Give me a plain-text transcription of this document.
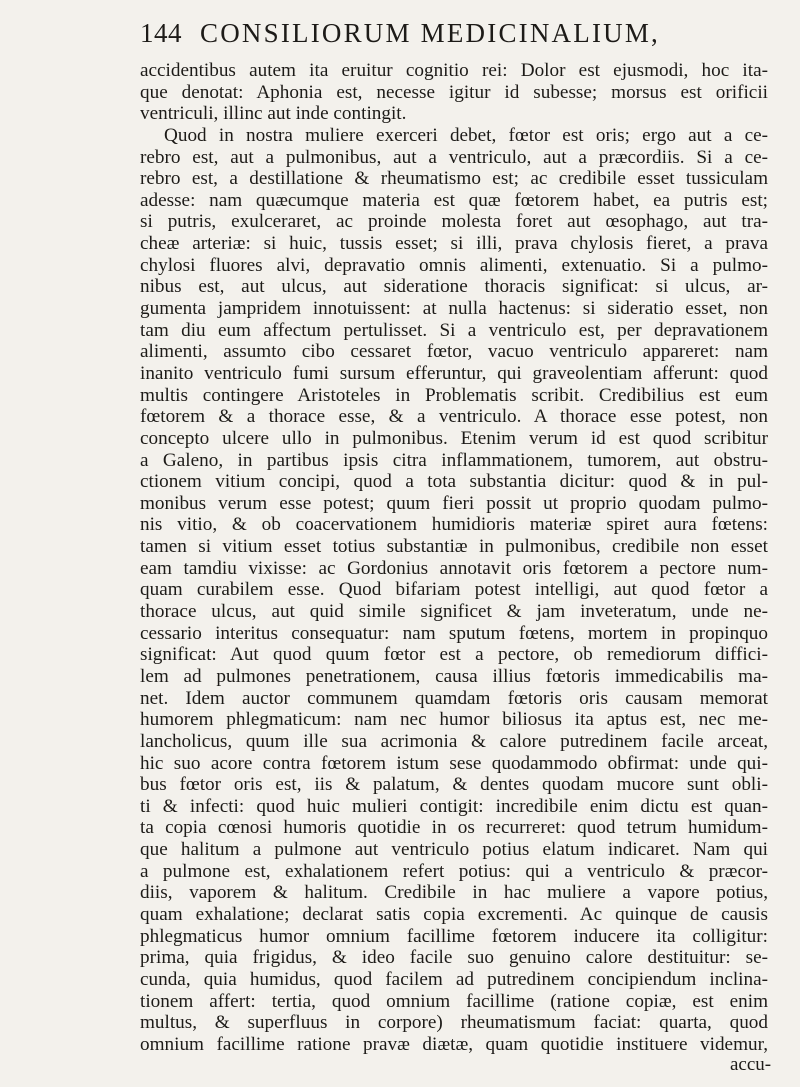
144 CONSILIORUM MEDICINALIUM,
accidentibus autem ita eruitur cognitio rei: Dolor est ejusmodi, hoc ita-
que denotat: Aphonia est, necesse igitur id subesse; morsus est orificii
ventriculi, illinc aut inde contingit.
Quod in nostra muliere exerceri debet, fœtor est oris; ergo aut a ce-
rebro est, aut a pulmonibus, aut a ventriculo, aut a præcordiis. Si a ce-
rebro est, a destillatione & rheumatismo est; ac credibile esset tussiculam
adesse: nam quæcumque materia est quæ fœtorem habet, ea putris est;
si putris, exulceraret, ac proinde molesta foret aut œsophago, aut tra-
cheæ arteriæ: si huic, tussis esset; si illi, prava chylosis fieret, a prava
chylosi fluores alvi, depravatio omnis alimenti, extenuatio. Si a pulmo-
nibus est, aut ulcus, aut sideratione thoracis significat: si ulcus, ar-
gumenta jampridem innotuissent: at nulla hactenus: si sideratio esset, non
tam diu eum affectum pertulisset. Si a ventriculo est, per depravationem
alimenti, assumto cibo cessaret fœtor, vacuo ventriculo appareret: nam
inanito ventriculo fumi sursum efferuntur, qui graveolentiam afferunt: quod
multis contingere Aristoteles in Problematis scribit. Credibilius est eum
fœtorem & a thorace esse, & a ventriculo. A thorace esse potest, non
concepto ulcere ullo in pulmonibus. Etenim verum id est quod scribitur
a Galeno, in partibus ipsis citra inflammationem, tumorem, aut obstru-
ctionem vitium concipi, quod a tota substantia dicitur: quod & in pul-
monibus verum esse potest; quum fieri possit ut proprio quodam pulmo-
nis vitio, & ob coacervationem humidioris materiæ spiret aura fœtens:
tamen si vitium esset totius substantiæ in pulmonibus, credibile non esset
eam tamdiu vixisse: ac Gordonius annotavit oris fœtorem a pectore num-
quam curabilem esse. Quod bifariam potest intelligi, aut quod fœtor a
thorace ulcus, aut quid simile significet & jam inveteratum, unde ne-
cessario interitus consequatur: nam sputum fœtens, mortem in propinquo
significat: Aut quod quum fœtor est a pectore, ob remediorum diffici-
lem ad pulmones penetrationem, causa illius fœtoris immedicabilis ma-
net. Idem auctor communem quamdam fœtoris oris causam memorat
humorem phlegmaticum: nam nec humor biliosus ita aptus est, nec me-
lancholicus, quum ille sua acrimonia & calore putredinem facile arceat,
hic suo acore contra fœtorem istum sese quodammodo obfirmat: unde qui-
bus fœtor oris est, iis & palatum, & dentes quodam mucore sunt obli-
ti & infecti: quod huic mulieri contigit: incredibile enim dictu est quan-
ta copia cœnosi humoris quotidie in os recurreret: quod tetrum humidum-
que halitum a pulmone aut ventriculo potius elatum indicaret. Nam qui
a pulmone est, exhalationem refert potius: qui a ventriculo & præcor-
diis, vaporem & halitum. Credibile in hac muliere a vapore potius,
quam exhalatione; declarat satis copia excrementi. Ac quinque de causis
phlegmaticus humor omnium facillime fœtorem inducere ita colligitur:
prima, quia frigidus, & ideo facile suo genuino calore destituitur: se-
cunda, quia humidus, quod facilem ad putredinem concipiendum inclina-
tionem affert: tertia, quod omnium facillime (ratione copiæ, est enim
multus, & superfluus in corpore) rheumatismum faciat: quarta, quod
omnium facillime ratione pravæ diætæ, quam quotidie instituere videmur,
accu-
